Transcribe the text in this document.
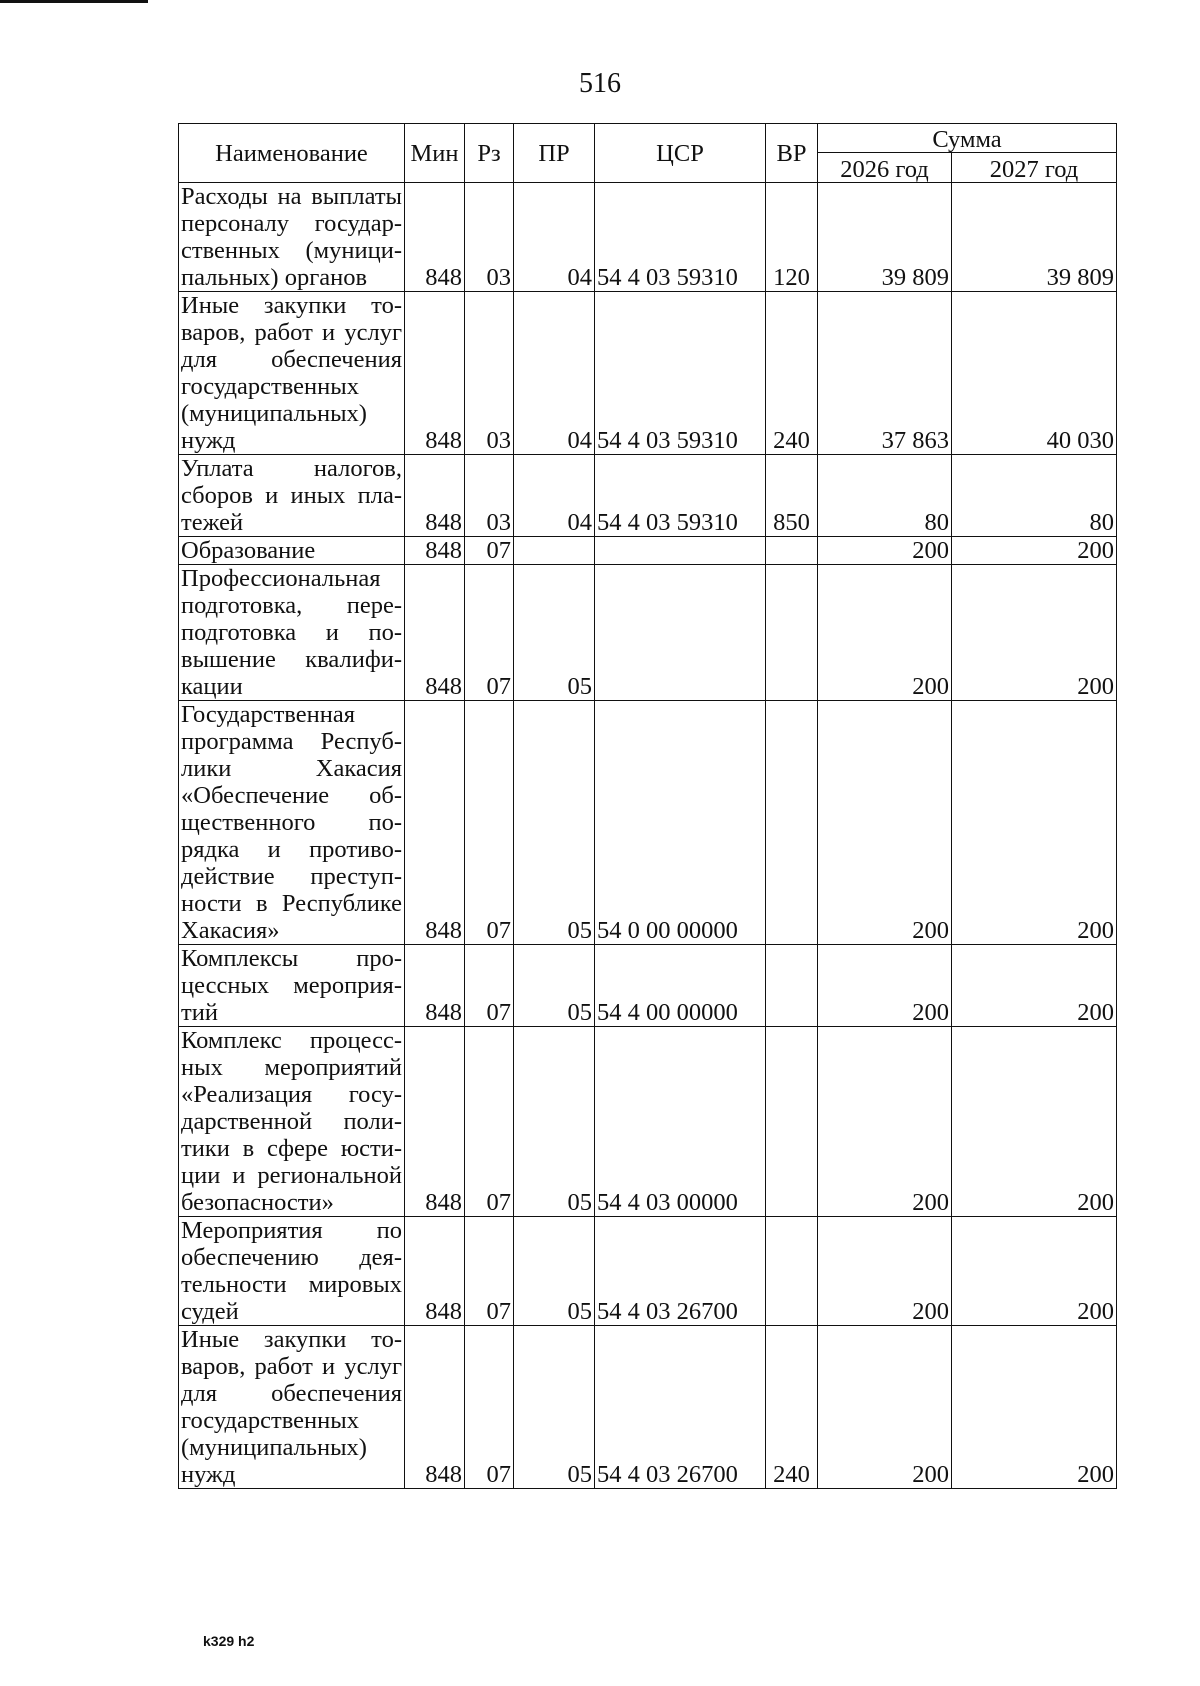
516
Наименование	Мин	Рз	ПР	ЦСР	ВР	Сумма	
						2026 год	2027 год
Расходы на выплаты персоналу государственных (муниципальных) органов	848	03	04	54 4 03 59310	120	39 809	39 809
Иные закупки товаров, работ и услуг для обеспечения государственных (муниципальных) нужд	848	03	04	54 4 03 59310	240	37 863	40 030
Уплата налогов, сборов и иных платежей	848	03	04	54 4 03 59310	850	80	80
Образование	848	07				200	200
Профессиональная подготовка, переподготовка и повышение квалификации	848	07	05			200	200
Государственная программа Республики Хакасия «Обеспечение общественного порядка и противодействие преступности в Республике Хакасия»	848	07	05	54 0 00 00000		200	200
Комплексы процессных мероприятий	848	07	05	54 4 00 00000		200	200
Комплекс процессных мероприятий «Реализация государственной политики в сфере юстиции и региональной безопасности»	848	07	05	54 4 03 00000		200	200
Мероприятия по обеспечению деятельности мировых судей	848	07	05	54 4 03 26700		200	200
Иные закупки товаров, работ и услуг для обеспечения государственных (муниципальных) нужд	848	07	05	54 4 03 26700	240	200	200
k329 h2
